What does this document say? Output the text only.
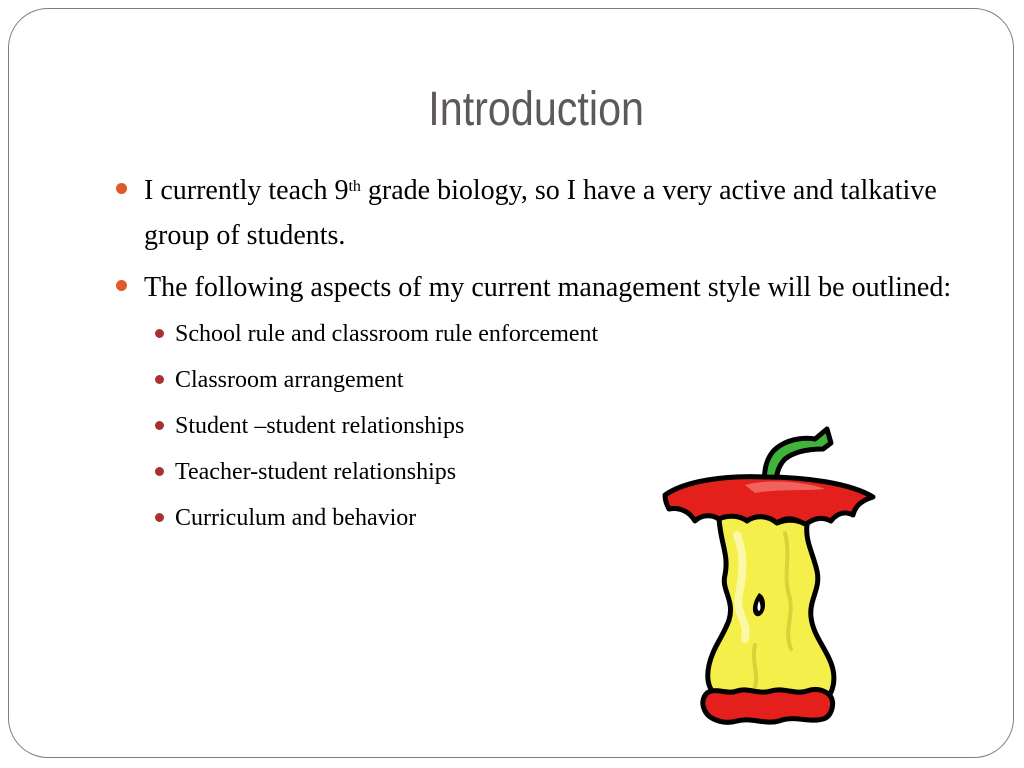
Introduction
I currently teach 9th grade biology, so I have a very active and talkative group of students.
The following aspects of my current management style will be outlined:
School rule and classroom rule enforcement
Classroom arrangement
Student –student relationships
Teacher-student relationships
Curriculum and behavior
